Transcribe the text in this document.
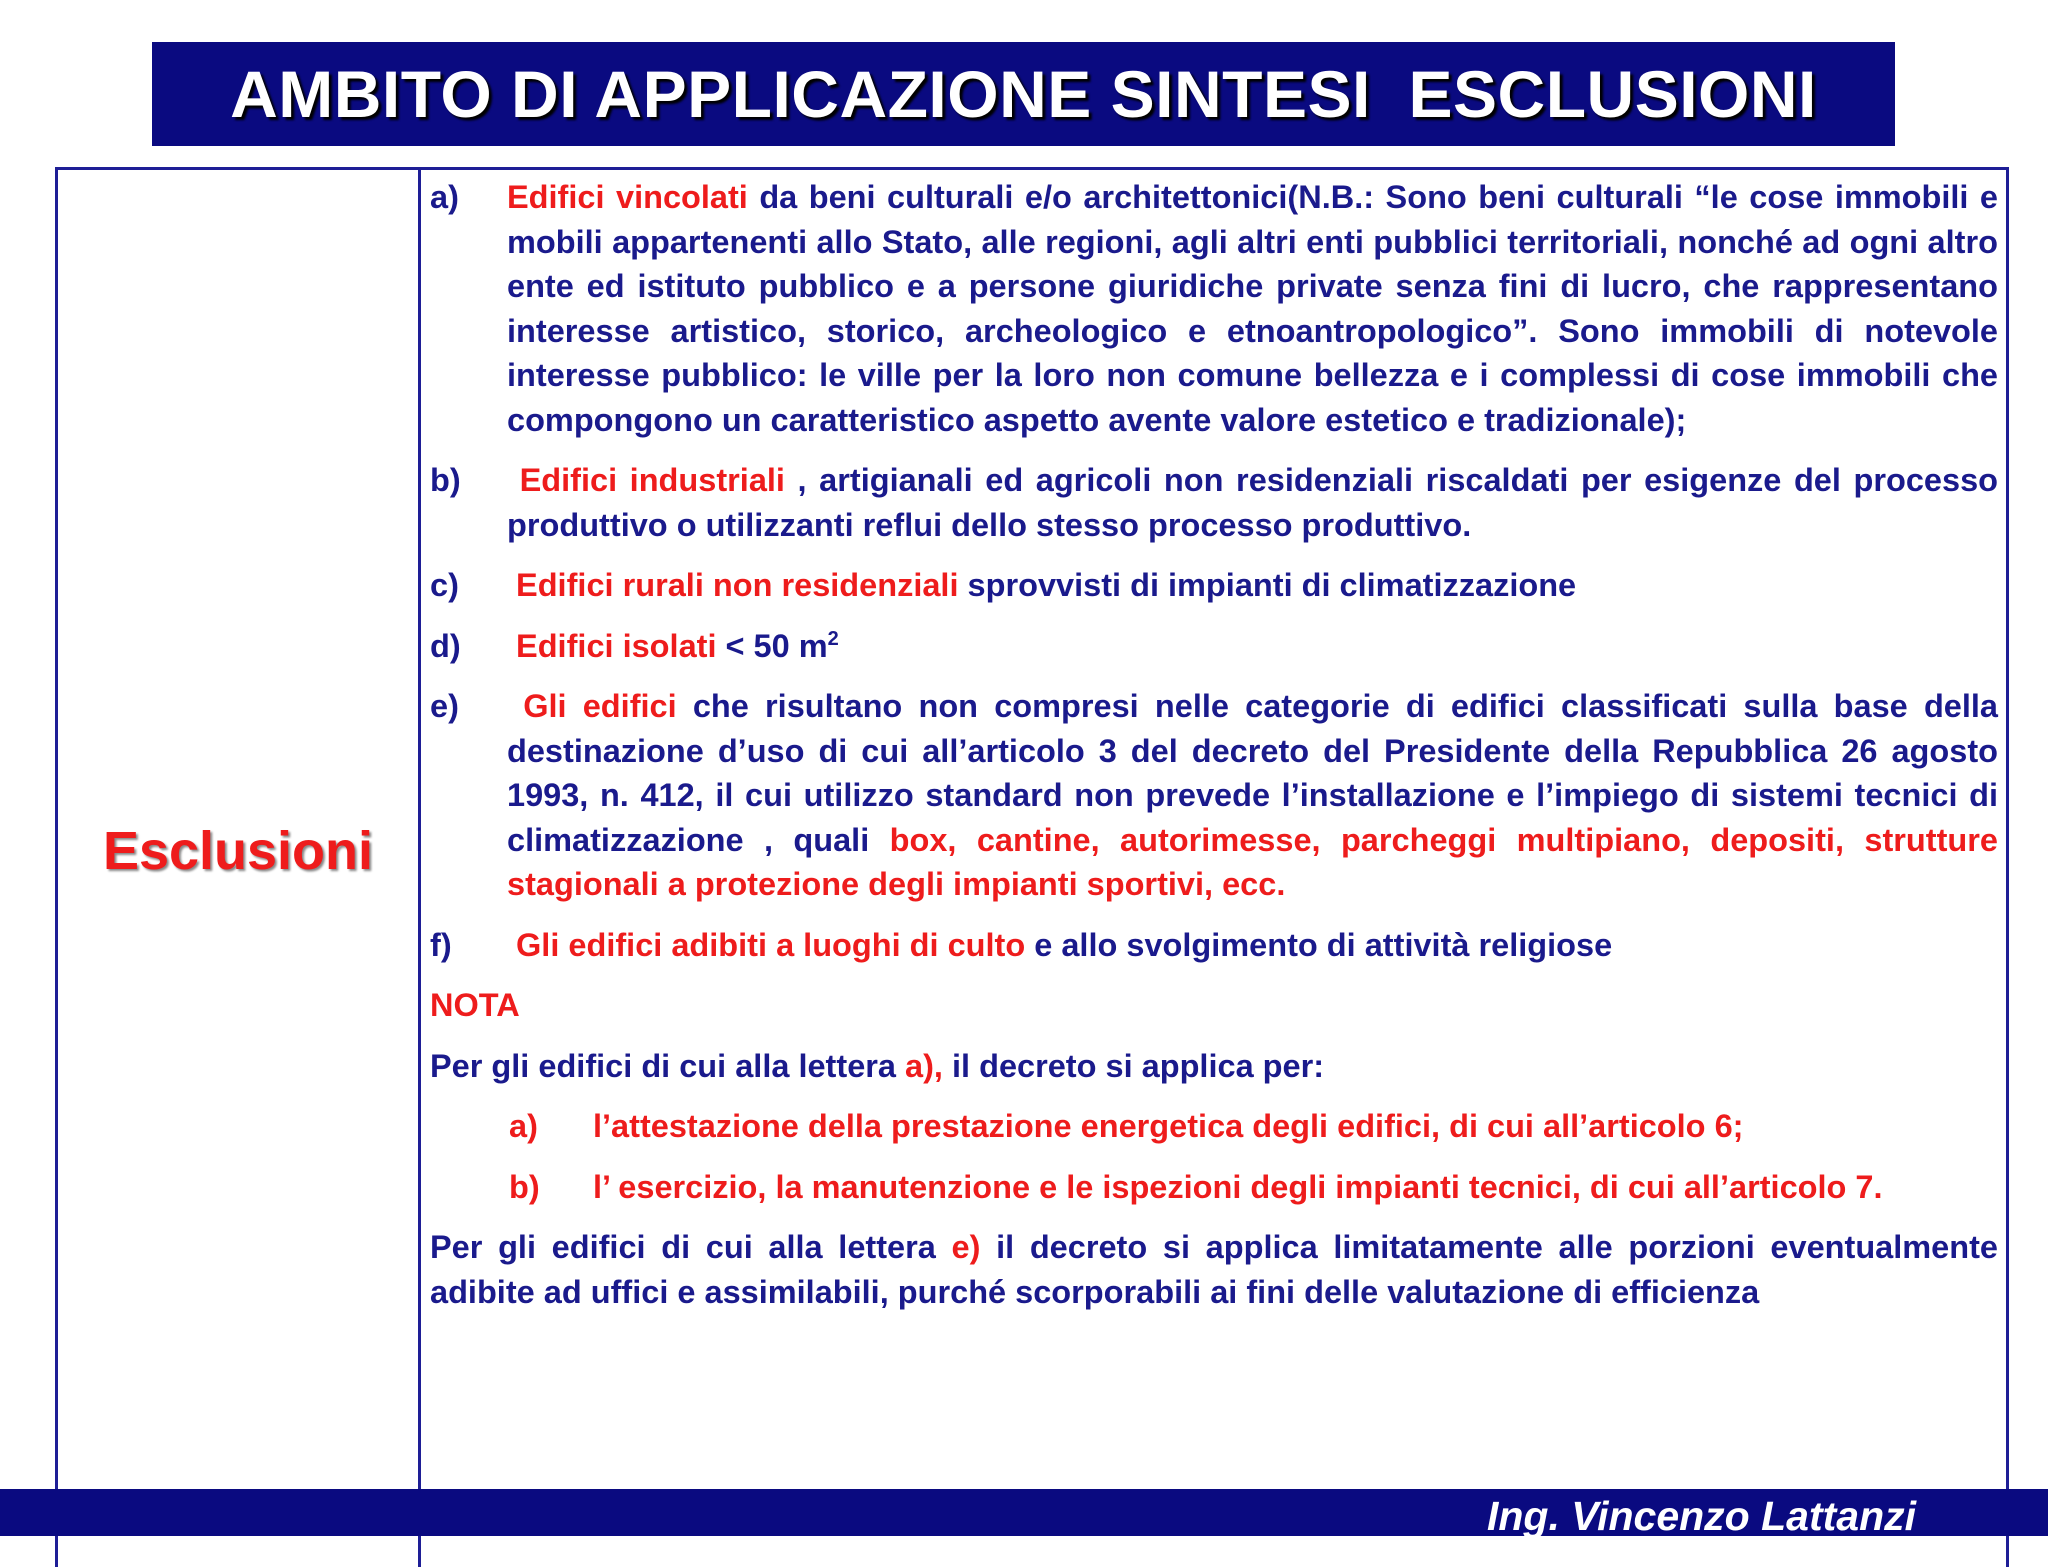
AMBITO DI APPLICAZIONE SINTESI  ESCLUSIONI
Esclusioni
a)	Edifici vincolati da beni culturali e/o architettonici(N.B.: Sono beni culturali “le cose immobili e mobili appartenenti allo Stato, alle regioni, agli altri enti pubblici territoriali, nonché ad ogni altro ente ed istituto pubblico e a persone giuridiche private senza fini di lucro, che rappresentano interesse artistico, storico, archeologico e etnoantropologico”. Sono immobili di notevole interesse pubblico: le ville per la loro non comune bellezza e i complessi di cose immobili che compongono un caratteristico aspetto avente valore estetico e tradizionale);
b)	Edifici industriali , artigianali ed agricoli non residenziali riscaldati per esigenze del processo produttivo o utilizzanti reflui dello stesso processo produttivo.
c)	Edifici rurali non residenziali sprovvisti di impianti di climatizzazione
d)	Edifici isolati < 50 $m^2$
e)	Gli edifici che risultano non compresi nelle categorie di edifici classificati sulla base della destinazione d’uso di cui all’articolo 3 del decreto del Presidente della Repubblica 26 agosto 1993, n. 412, il cui utilizzo standard non prevede l’installazione e l’impiego di sistemi tecnici di climatizzazione , quali box, cantine, autorimesse, parcheggi multipiano, depositi, strutture stagionali a protezione degli impianti sportivi, ecc.
f)	Gli edifici adibiti a luoghi di culto e allo svolgimento di attività religiose
NOTA
Per gli edifici di cui alla lettera a), il decreto si applica per:
a)	l’attestazione della prestazione energetica degli edifici, di cui all’articolo 6;
b)	l’ esercizio, la manutenzione e le ispezioni degli impianti tecnici, di cui all’articolo 7.
Per gli edifici di cui alla lettera e) il decreto si applica limitatamente alle porzioni eventualmente adibite ad uffici e assimilabili, purché scorporabili ai fini delle valutazione di efficienza
Ing. Vincenzo Lattanzi
